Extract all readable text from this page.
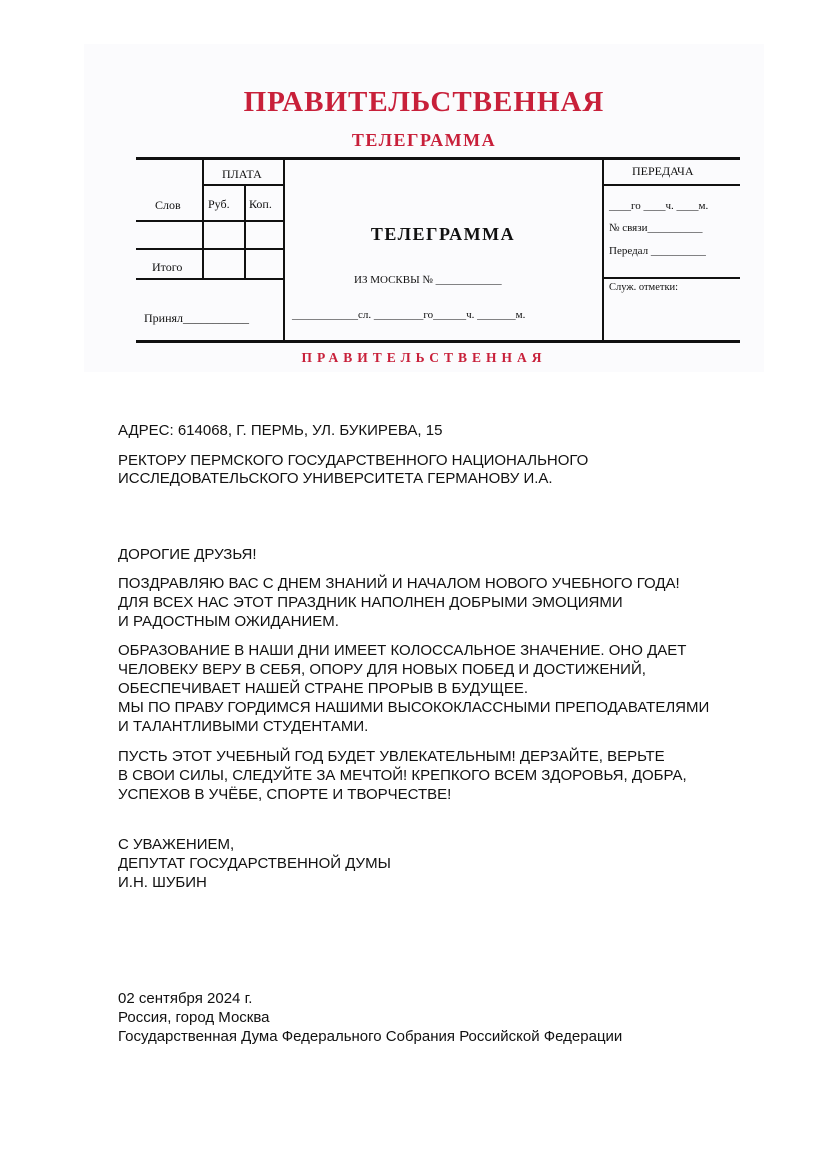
ПРАВИТЕЛЬСТВЕННАЯ
ТЕЛЕГРАММА
ПЛАТА
Слов Руб. Коп.
Итого
Принял___________
ТЕЛЕГРАММА
ИЗ МОСКВЫ № ____________
____________сл. _________го______ч. _______м.
ПЕРЕДАЧА
____го ____ч. ____м.
№ связи__________
Передал __________
Служ. отметки:
ПРАВИТЕЛЬСТВЕННАЯ
АДРЕС: 614068, Г. ПЕРМЬ, УЛ. БУКИРЕВА, 15
РЕКТОРУ ПЕРМСКОГО ГОСУДАРСТВЕННОГО НАЦИОНАЛЬНОГО
ИССЛЕДОВАТЕЛЬСКОГО УНИВЕРСИТЕТА ГЕРМАНОВУ И.А.
ДОРОГИЕ ДРУЗЬЯ!
ПОЗДРАВЛЯЮ ВАС С ДНЕМ ЗНАНИЙ И НАЧАЛОМ НОВОГО УЧЕБНОГО ГОДА!
ДЛЯ ВСЕХ НАС ЭТОТ ПРАЗДНИК НАПОЛНЕН ДОБРЫМИ ЭМОЦИЯМИ
И РАДОСТНЫМ ОЖИДАНИЕМ.
ОБРАЗОВАНИЕ В НАШИ ДНИ ИМЕЕТ КОЛОССАЛЬНОЕ ЗНАЧЕНИЕ. ОНО ДАЕТ
ЧЕЛОВЕКУ ВЕРУ В СЕБЯ, ОПОРУ ДЛЯ НОВЫХ ПОБЕД И ДОСТИЖЕНИЙ,
ОБЕСПЕЧИВАЕТ НАШЕЙ СТРАНЕ ПРОРЫВ В БУДУЩЕЕ.
МЫ ПО ПРАВУ ГОРДИМСЯ НАШИМИ ВЫСОКОКЛАССНЫМИ ПРЕПОДАВАТЕЛЯМИ
И ТАЛАНТЛИВЫМИ СТУДЕНТАМИ.
ПУСТЬ ЭТОТ УЧЕБНЫЙ ГОД БУДЕТ УВЛЕКАТЕЛЬНЫМ! ДЕРЗАЙТЕ, ВЕРЬТЕ
В СВОИ СИЛЫ, СЛЕДУЙТЕ ЗА МЕЧТОЙ! КРЕПКОГО ВСЕМ ЗДОРОВЬЯ, ДОБРА,
УСПЕХОВ В УЧЁБЕ, СПОРТЕ И ТВОРЧЕСТВЕ!
С УВАЖЕНИЕМ,
ДЕПУТАТ ГОСУДАРСТВЕННОЙ ДУМЫ
И.Н. ШУБИН
02 сентября 2024 г.
Россия, город Москва
Государственная Дума Федерального Собрания Российской Федерации
